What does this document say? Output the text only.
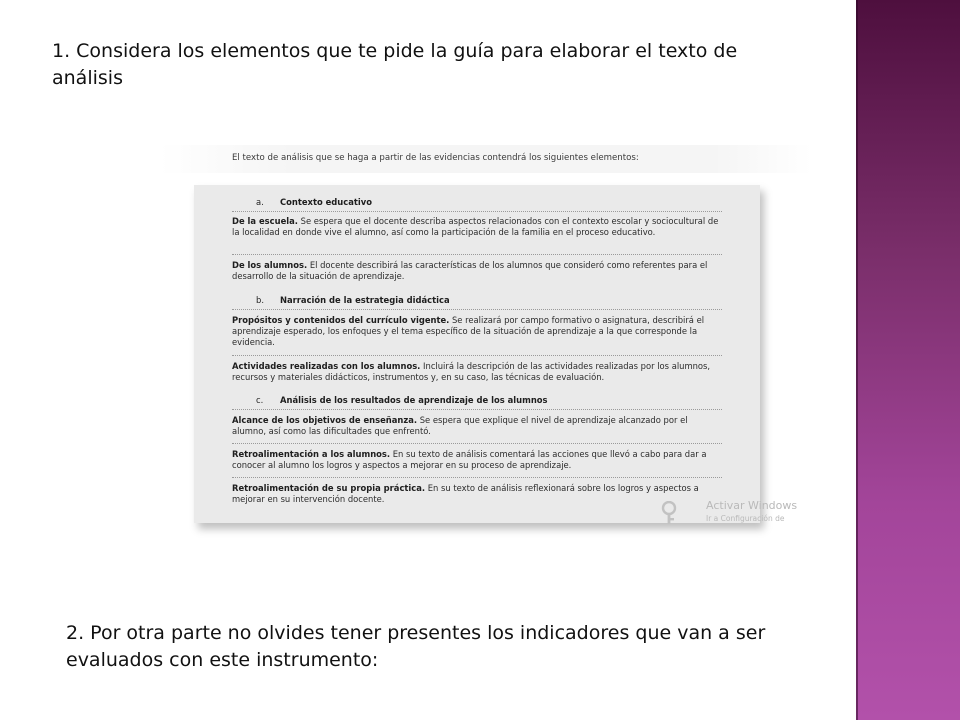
1. Considera los elementos que te pide la guía para elaborar el texto de análisis
El texto de análisis que se haga a partir de las evidencias contendrá los siguientes elementos:
a. Contexto educativo
De la escuela. Se espera que el docente describa aspectos relacionados con el contexto escolar y sociocultural de la localidad en donde vive el alumno, así como la participación de la familia en el proceso educativo.
De los alumnos. El docente describirá las características de los alumnos que consideró como referentes para el desarrollo de la situación de aprendizaje.
b. Narración de la estrategia didáctica
Propósitos y contenidos del currículo vigente. Se realizará por campo formativo o asignatura, describirá el aprendizaje esperado, los enfoques y el tema específico de la situación de aprendizaje a la que corresponde la evidencia.
Actividades realizadas con los alumnos. Incluirá la descripción de las actividades realizadas por los alumnos, recursos y materiales didácticos, instrumentos y, en su caso, las técnicas de evaluación.
c. Análisis de los resultados de aprendizaje de los alumnos
Alcance de los objetivos de enseñanza. Se espera que explique el nivel de aprendizaje alcanzado por el alumno, así como las dificultades que enfrentó.
Retroalimentación a los alumnos. En su texto de análisis comentará las acciones que llevó a cabo para dar a conocer al alumno los logros y aspectos a mejorar en su proceso de aprendizaje.
Retroalimentación de su propia práctica. En su texto de análisis reflexionará sobre los logros y aspectos a mejorar en su intervención docente.	Activar Windows
Ir a Configuración de
2. Por otra parte no olvides tener presentes los indicadores que van a ser evaluados con este instrumento:
